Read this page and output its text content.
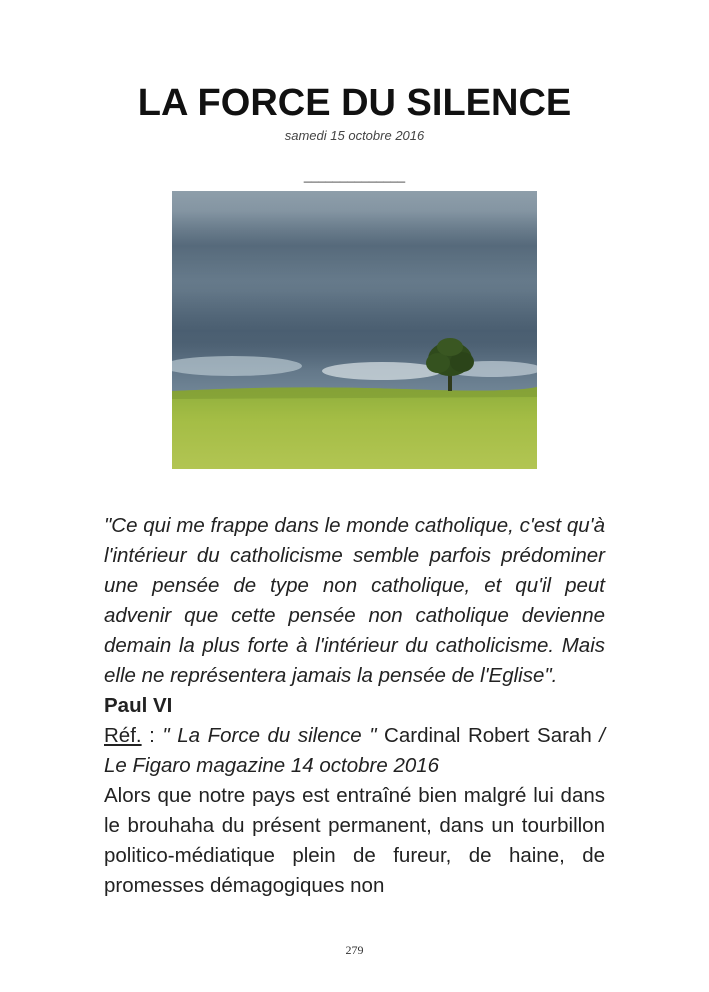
LA FORCE DU SILENCE
samedi 15 octobre 2016
______________

"Ce qui me frappe dans le monde catholique, c'est qu'à l'intérieur du catholicisme semble parfois prédominer une pensée de type non catholique, et qu'il peut advenir que cette pensée non catholique devienne demain la plus forte à l'intérieur du catholicisme. Mais elle ne représentera jamais la pensée de l'Eglise".

Paul VI

Réf. : " La Force du silence " Cardinal Robert Sarah / Le Figaro magazine 14 octobre 2016

Alors que notre pays est entraîné bien malgré lui dans le brouhaha du présent permanent, dans un tourbillon politico-médiatique plein de fureur, de haine, de promesses démagogiques non

279
